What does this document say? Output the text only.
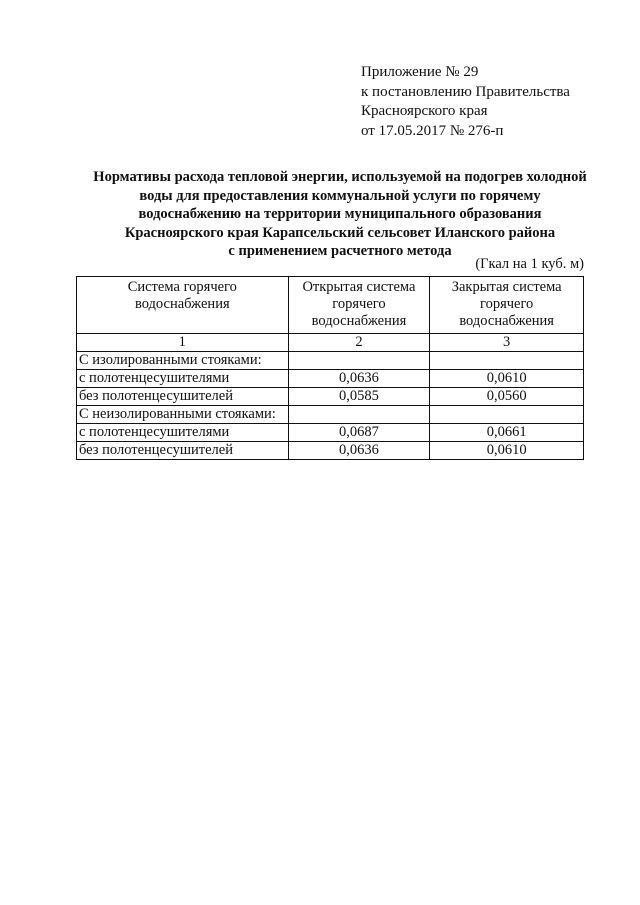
Приложение № 29
к постановлению Правительства
Красноярского края
от 17.05.2017 № 276-п
Нормативы расхода тепловой энергии, используемой на подогрев холодной
воды для предоставления коммунальной услуги по горячему
водоснабжению на территории муниципального образования
Красноярского края Карапсельский сельсовет Иланского района
с применением расчетного метода
(Гкал на 1 куб. м)
Системa горячего водоснабжения	Открытая система горячего водоснабжения	Закрытая система горячего водоснабжения
1	2	3
С изолированными стояками:		
с полотенцесушителями	0,0636	0,0610
без полотенцесушителей	0,0585	0,0560
С неизолированными стояками:		
с полотенцесушителями	0,0687	0,0661
без полотенцесушителей	0,0636	0,0610
